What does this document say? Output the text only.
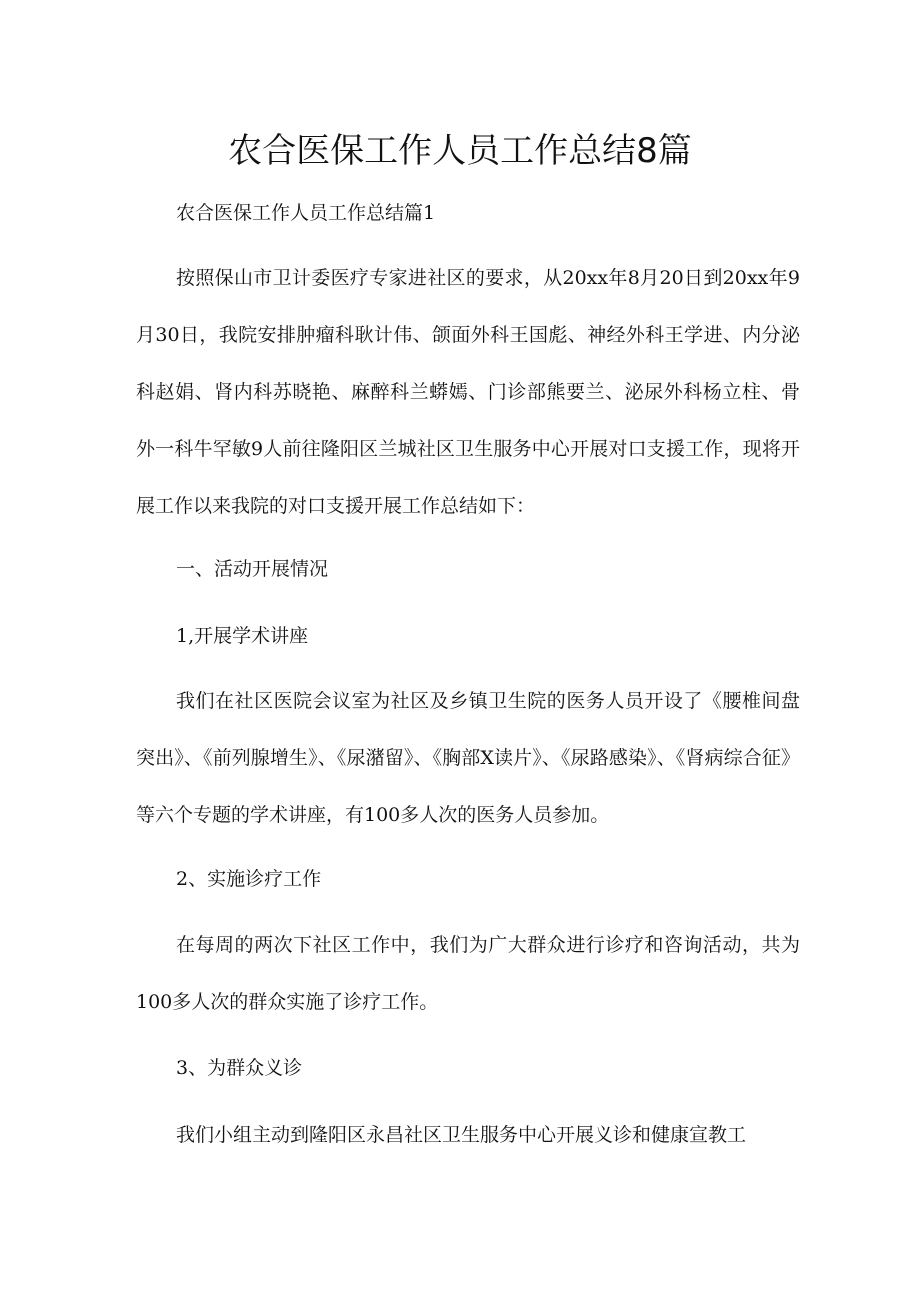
农合医保工作人员工作总结8篇

农合医保工作人员工作总结篇1

按照保山市卫计委医疗专家进社区的要求，从20xx年8月20日到20xx年9月30日，我院安排肿瘤科耿计伟、颌面外科王国彪、神经外科王学进、内分泌科赵娟、肾内科苏晓艳、麻醉科兰蟒嫣、门诊部熊要兰、泌尿外科杨立柱、骨外一科牛罕敏9人前往隆阳区兰城社区卫生服务中心开展对口支援工作，现将开展工作以来我院的对口支援开展工作总结如下：

一、活动开展情况

1,开展学术讲座

我们在社区医院会议室为社区及乡镇卫生院的医务人员开设了《腰椎间盘突出》、《前列腺增生》、《尿潴留》、《胸部X读片》、《尿路感染》、《肾病综合征》等六个专题的学术讲座，有100多人次的医务人员参加。

2、实施诊疗工作

在每周的两次下社区工作中，我们为广大群众进行诊疗和咨询活动，共为100多人次的群众实施了诊疗工作。

3、为群众义诊

我们小组主动到隆阳区永昌社区卫生服务中心开展义诊和健康宣教工
